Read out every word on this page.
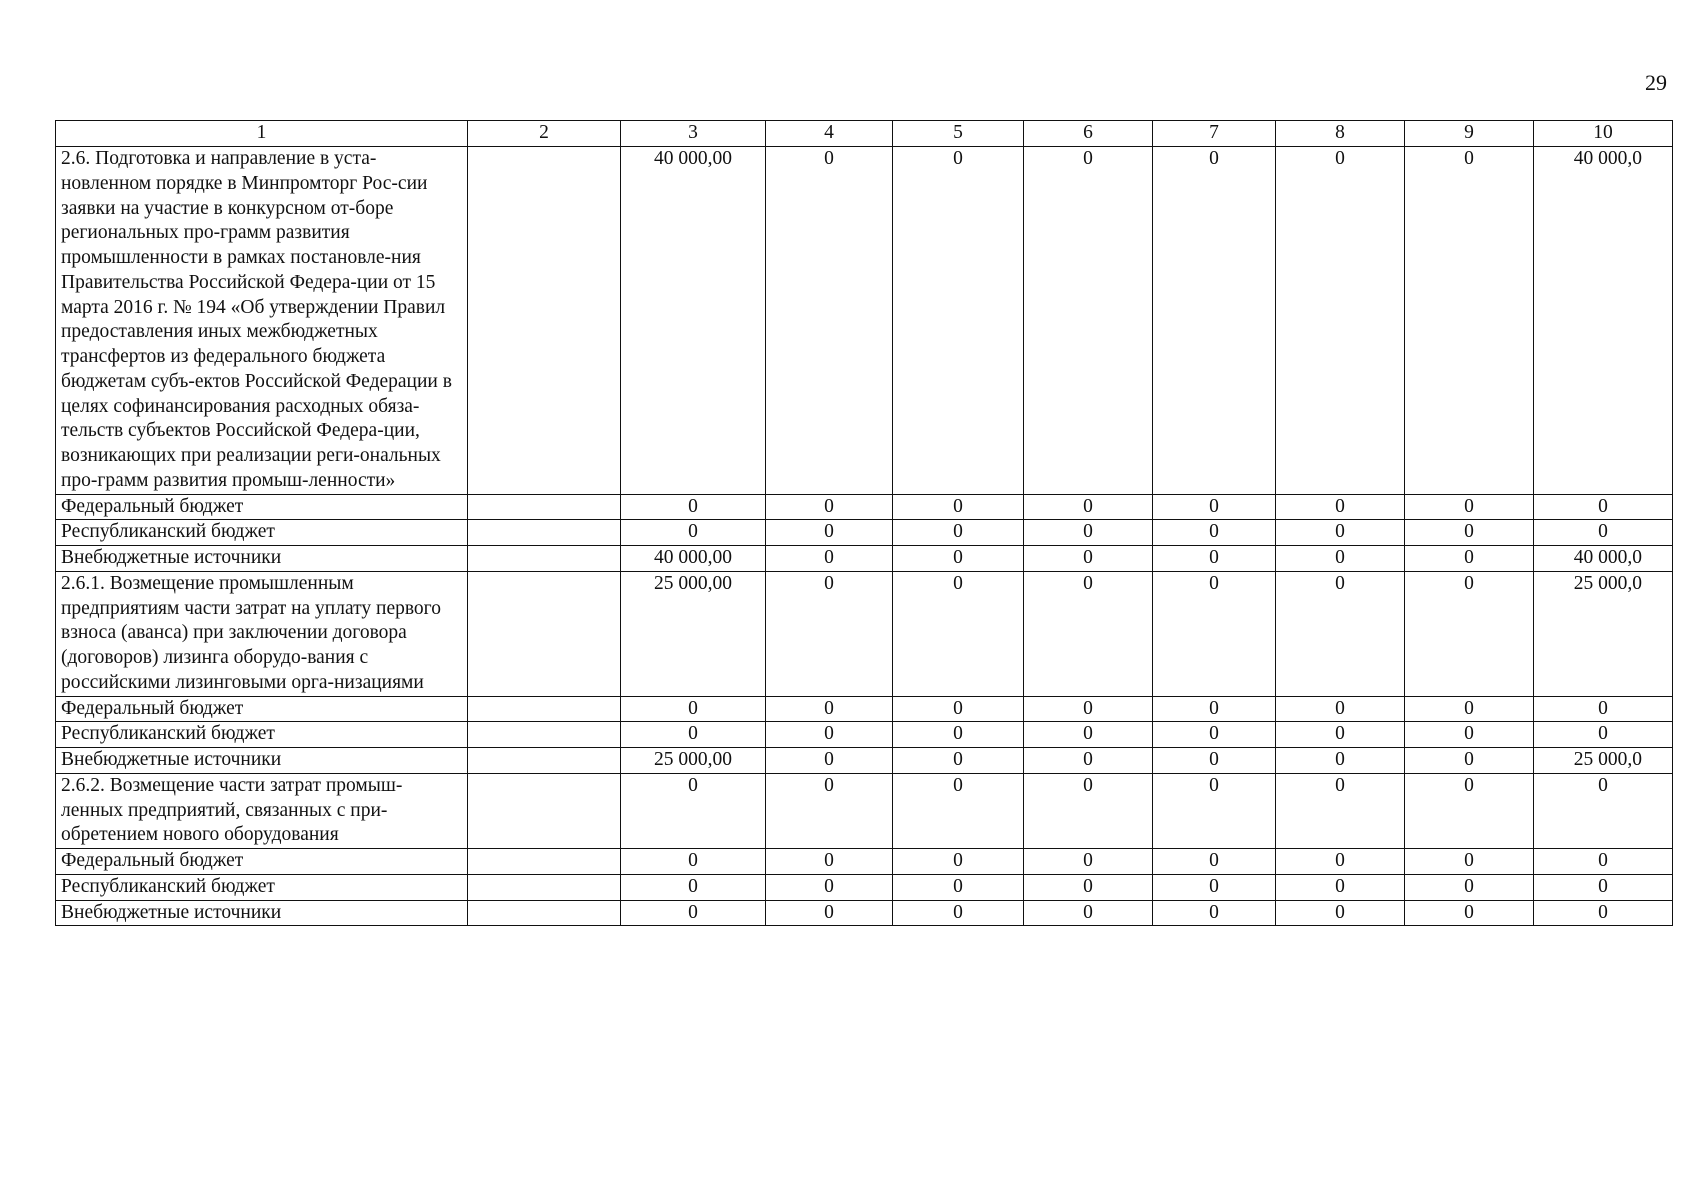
29
1	2	3	4	5	6	7	8	9	10
2.6. Подготовка и направление в уста-новленном порядке в Минпромторг Рос-сии заявки на участие в конкурсном от-боре региональных про-грамм развития промышленности в рамках постановле-ния Правительства Российской Федера-ции от 15 марта 2016 г. № 194 «Об утверждении Правил предоставления иных межбюджетных трансфертов из федерального бюджета бюджетам субъ-ектов Российской Федерации в целях софинансирования расходных обяза-тельств субъектов Российской Федера-ции, возникающих при реализации реги-ональных про-грамм развития промыш-ленности»		40 000,00	0	0	0	0	0	0	40 000,0
Федеральный бюджет		0	0	0	0	0	0	0	0
Республиканский бюджет		0	0	0	0	0	0	0	0
Внебюджетные источники		40 000,00	0	0	0	0	0	0	40 000,0
2.6.1. Возмещение промышленным предприятиям части затрат на уплату первого взноса (аванса) при заключении договора (договоров) лизинга оборудо-вания с российскими лизинговыми орга-низациями		25 000,00	0	0	0	0	0	0	25 000,0
Федеральный бюджет		0	0	0	0	0	0	0	0
Республиканский бюджет		0	0	0	0	0	0	0	0
Внебюджетные источники		25 000,00	0	0	0	0	0	0	25 000,0
2.6.2. Возмещение части затрат промыш-ленных предприятий, связанных с при-обретением нового оборудования		0	0	0	0	0	0	0	0
Федеральный бюджет		0	0	0	0	0	0	0	0
Республиканский бюджет		0	0	0	0	0	0	0	0
Внебюджетные источники		0	0	0	0	0	0	0	0
